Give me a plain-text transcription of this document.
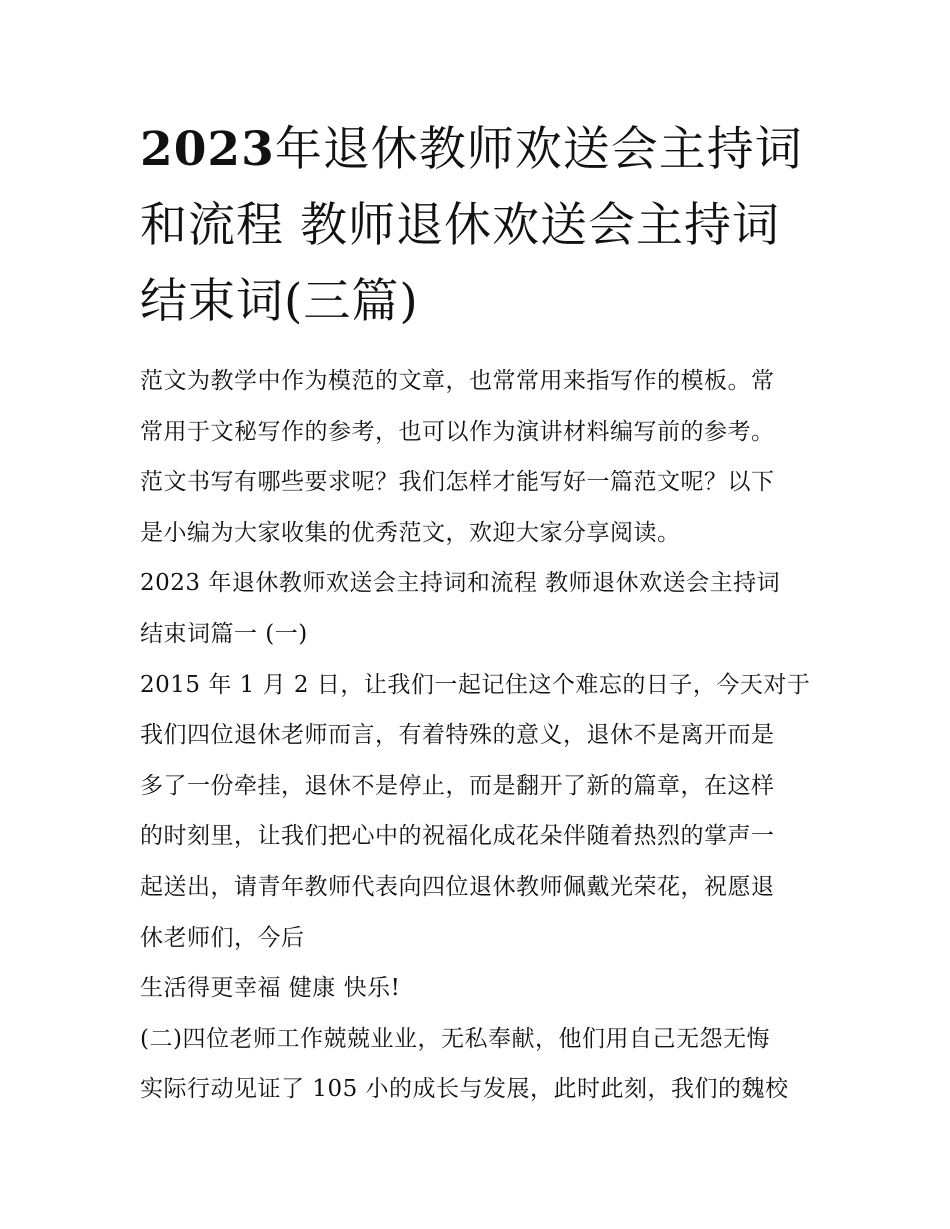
2023年退休教师欢送会主持词
和流程 教师退休欢送会主持词
结束词(三篇)
范文为教学中作为模范的文章，也常常用来指写作的模板。常
常用于文秘写作的参考，也可以作为演讲材料编写前的参考。
范文书写有哪些要求呢？我们怎样才能写好一篇范文呢？以下
是小编为大家收集的优秀范文，欢迎大家分享阅读。
2023 年退休教师欢送会主持词和流程 教师退休欢送会主持词
结束词篇一 (一)
2015 年 1 月 2 日，让我们一起记住这个难忘的日子，今天对于
我们四位退休老师而言，有着特殊的意义，退休不是离开而是
多了一份牵挂，退休不是停止，而是翻开了新的篇章，在这样
的时刻里，让我们把心中的祝福化成花朵伴随着热烈的掌声一
起送出，请青年教师代表向四位退休教师佩戴光荣花，祝愿退
休老师们，今后
生活得更幸福 健康 快乐!
(二)四位老师工作兢兢业业，无私奉献，他们用自己无怨无悔
实际行动见证了 105 小的成长与发展，此时此刻，我们的魏校
